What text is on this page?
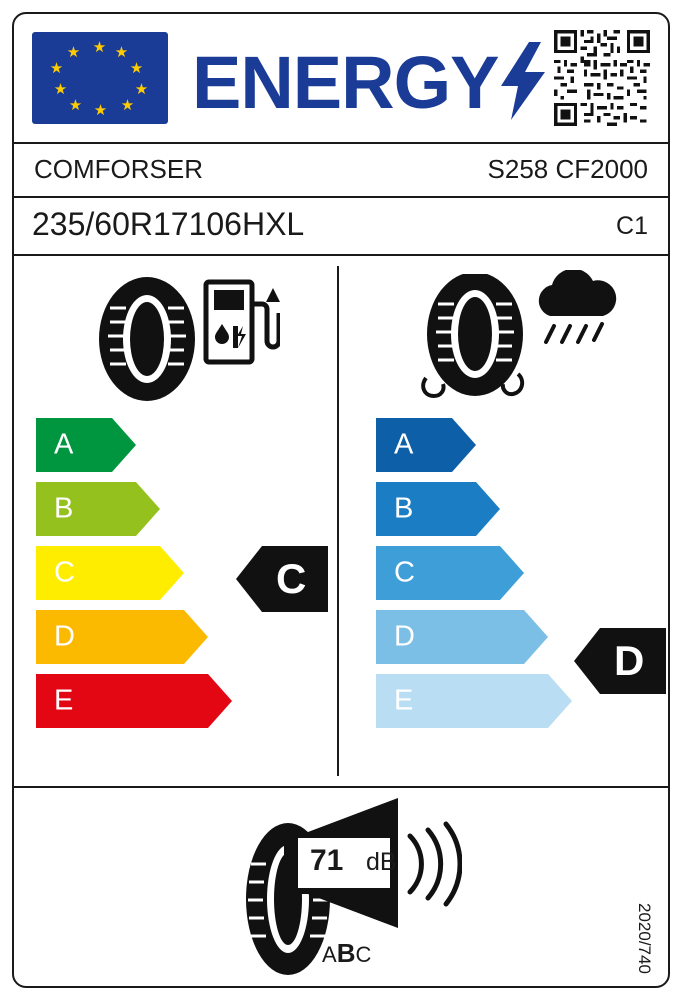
★ ★
★
★
★
★
★
★
★
★ ENERGY
COMFORSER	S258 CF2000
235/60R17106HXL	C1
A
B
C
D
E
C
A
B
C
D
E
D
71 dB
ABC	2020/740
